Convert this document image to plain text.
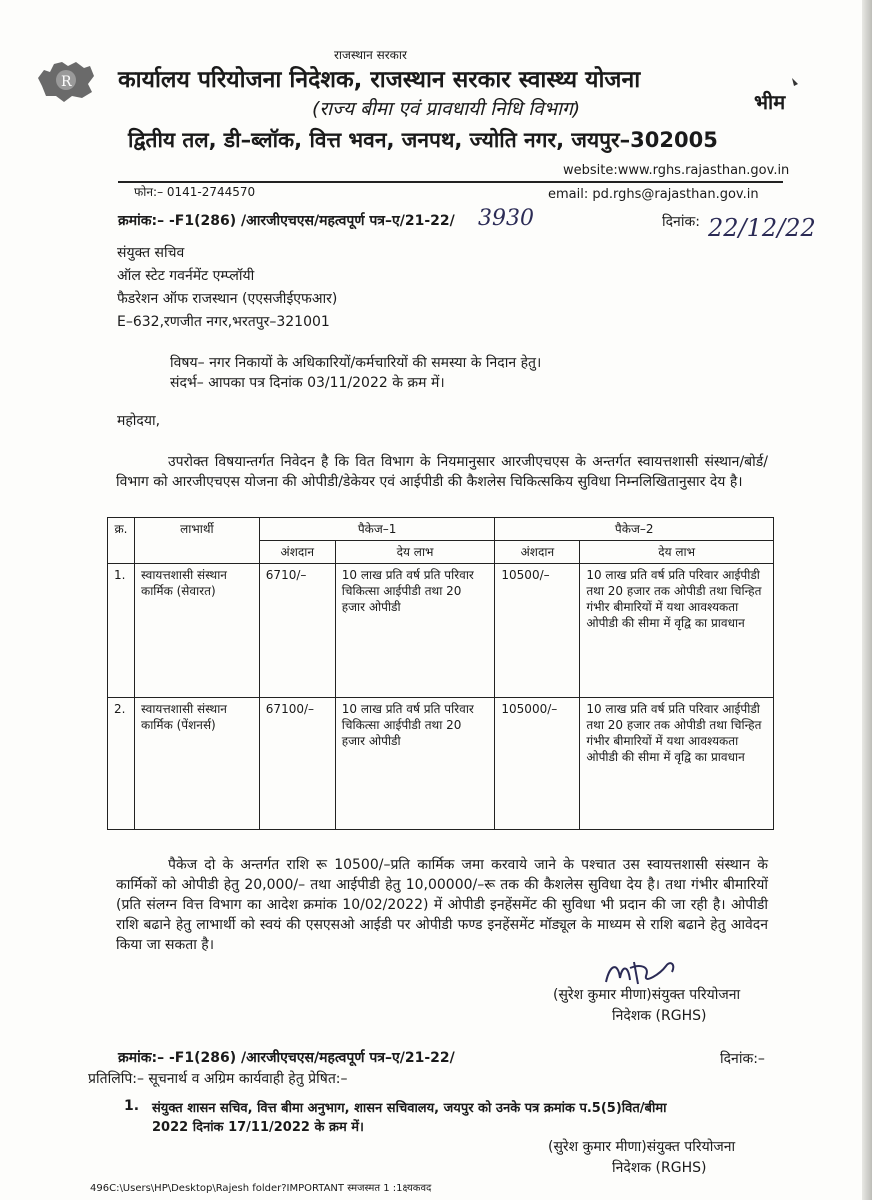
R
राजस्थान सरकार
कार्यालय परियोजना निदेशक, राजस्थान सरकार स्वास्थ्य योजना
(राज्य बीमा एवं प्रावधायी निधि विभाग)
द्वितीय तल, डी–ब्लॉक, वित्त भवन, जनपथ, ज्योति नगर, जयपुर–302005
भीम
website:www.rghs.rajasthan.gov.in
फोन:– 0141-2744570	email: pd.rghs@rajasthan.gov.in
क्रमांक:– -F1(286) /आरजीएचएस/महत्वपूर्ण पत्र–ए/21-22/ 3930	दिनांक: 22/12/22
संयुक्त सचिव
ऑल स्टेट गवर्नमेंट एम्प्लॉयी
फैडरेशन ऑफ राजस्थान (एएसजीईएफआर)
E–632,रणजीत नगर,भरतपुर–321001
विषय– नगर निकायों के अधिकारियों/कर्मचारियों की समस्या के निदान हेतु।
संदर्भ– आपका पत्र दिनांक 03/11/2022 के क्रम में।
महोदया,

उपरोक्त विषयान्तर्गत निवेदन है कि वित विभाग के नियमानुसार आरजीएचएस के अन्तर्गत स्वायत्तशासी संस्थान/बोर्ड/विभाग को आरजीएचएस योजना की ओपीडी/डेकेयर एवं आईपीडी की कैशलेस चिकित्सकिय सुविधा निम्नलिखितानुसार देय है।

क्र.	लाभार्थी	पैकेज–1		पैकेज–2	
		अंशदान	देय लाभ	अंशदान	देय लाभ
1.	स्वायत्तशासी संस्थान कार्मिक (सेवारत)	6710/–	10 लाख प्रति वर्ष प्रति परिवार चिकित्सा आईपीडी तथा 20 हजार ओपीडी	10500/–	10 लाख प्रति वर्ष प्रति परिवार आईपीडी तथा 20 हजार तक ओपीडी तथा चिन्हित गंभीर बीमारियों में यथा आवश्यकता ओपीडी की सीमा में वृद्वि का प्रावधान
2.	स्वायत्तशासी संस्थान कार्मिक (पेंशनर्स)	67100/–	10 लाख प्रति वर्ष प्रति परिवार चिकित्सा आईपीडी तथा 20 हजार ओपीडी	105000/–	10 लाख प्रति वर्ष प्रति परिवार आईपीडी तथा 20 हजार तक ओपीडी तथा चिन्हित गंभीर बीमारियों में यथा आवश्यकता ओपीडी की सीमा में वृद्वि का प्रावधान

पैकेज दो के अन्तर्गत राशि रू 10500/–प्रति कार्मिक जमा करवाये जाने के पश्चात उस स्वायत्तशासी संस्थान के कार्मिकों को ओपीडी हेतु 20,000/– तथा आईपीडी हेतु 10,00000/–रू तक की कैशलेस सुविधा देय है। तथा गंभीर बीमारियों (प्रति संलग्न वित्त विभाग का आदेश क्रमांक 10/02/2022) में ओपीडी इनहेंसमेंट की सुविधा भी प्रदान की जा रही है। ओपीडी राशि बढाने हेतु लाभार्थी को स्वयं की एसएसओ आईडी पर ओपीडी फण्ड इनहेंसमेंट मॉड्यूल के माध्यम से राशि बढाने हेतु आवेदन किया जा सकता है।

(सुरेश कुमार मीणा)संयुक्त परियोजना
निदेशक (RGHS)
क्रमांक:– -F1(286) /आरजीएचएस/महत्वपूर्ण पत्र–ए/21-22/	दिनांक:–
प्रतिलिपि:– सूचनार्थ व अग्रिम कार्यवाही हेतु प्रेषित:–
1. संयुक्त शासन सचिव, वित्त बीमा अनुभाग, शासन सचिवालय, जयपुर को उनके पत्र क्रमांक प.5(5)वित/बीमा
2022 दिनांक 17/11/2022 के क्रम में।
(सुरेश कुमार मीणा)संयुक्त परियोजना
निदेशक (RGHS)
496C:\Users\HP\Desktop\Rajesh folder?IMPORTANT स्मजस्मत 1 :1क्ष्यकवद
